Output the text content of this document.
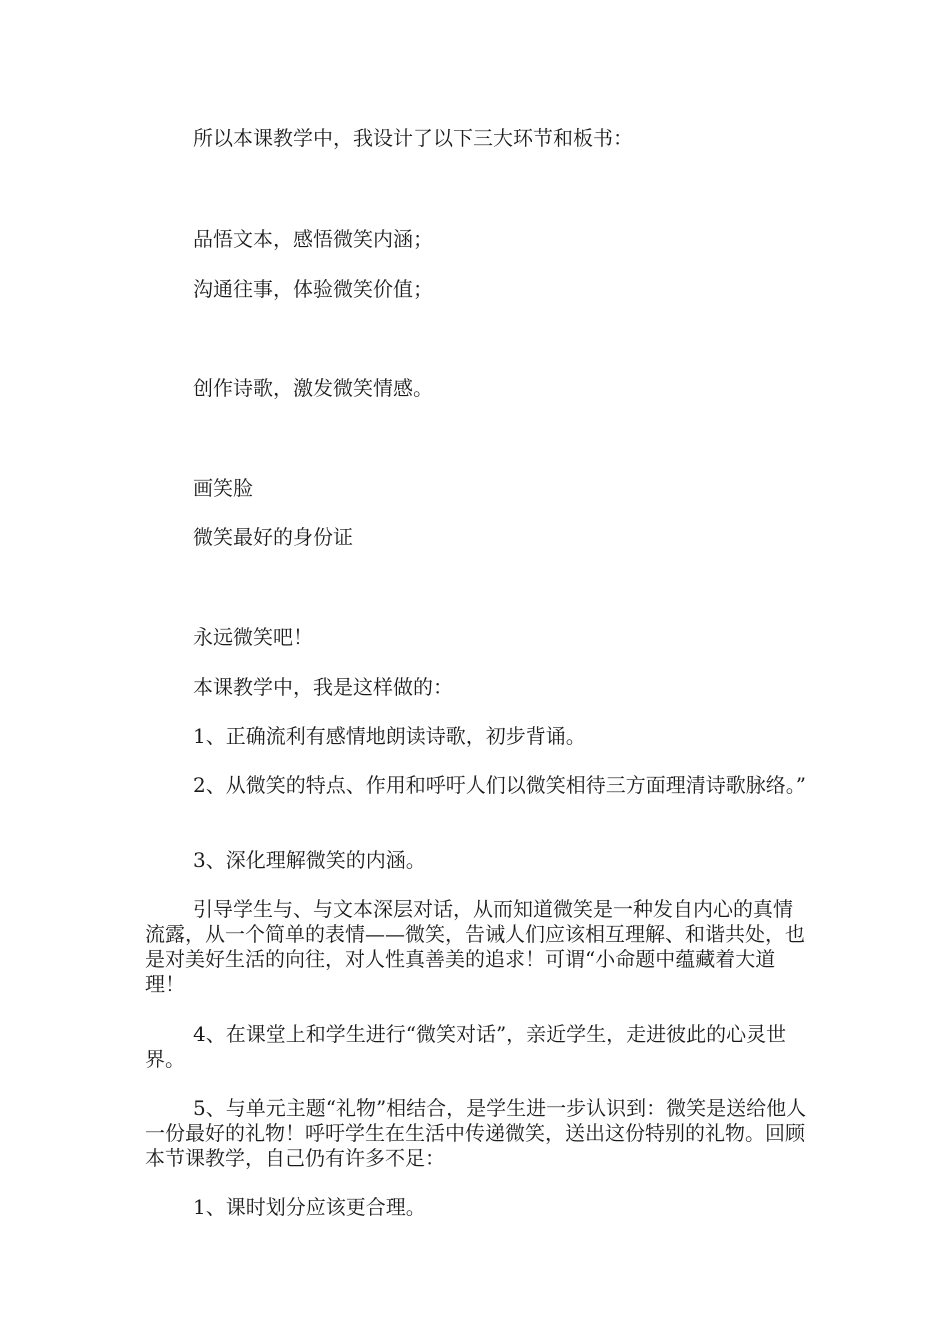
所以本课教学中，我设计了以下三大环节和板书：

品悟文本，感悟微笑内涵；

沟通往事，体验微笑价值；

创作诗歌，激发微笑情感。

画笑脸

微笑最好的身份证

永远微笑吧！

本课教学中，我是这样做的：

1、正确流利有感情地朗读诗歌，初步背诵。

2、从微笑的特点、作用和呼吁人们以微笑相待三方面理清诗歌脉络。”

3、深化理解微笑的内涵。

引导学生与、与文本深层对话，从而知道微笑是一种发自内心的真情流露，从一个简单的表情——微笑，告诫人们应该相互理解、和谐共处，也是对美好生活的向往，对人性真善美的追求！可谓“小命题中蕴藏着大道理！

4、在课堂上和学生进行“微笑对话”，亲近学生，走进彼此的心灵世界。

5、与单元主题“礼物”相结合，是学生进一步认识到：微笑是送给他人一份最好的礼物！呼吁学生在生活中传递微笑，送出这份特别的礼物。回顾本节课教学，自己仍有许多不足：

1、课时划分应该更合理。
